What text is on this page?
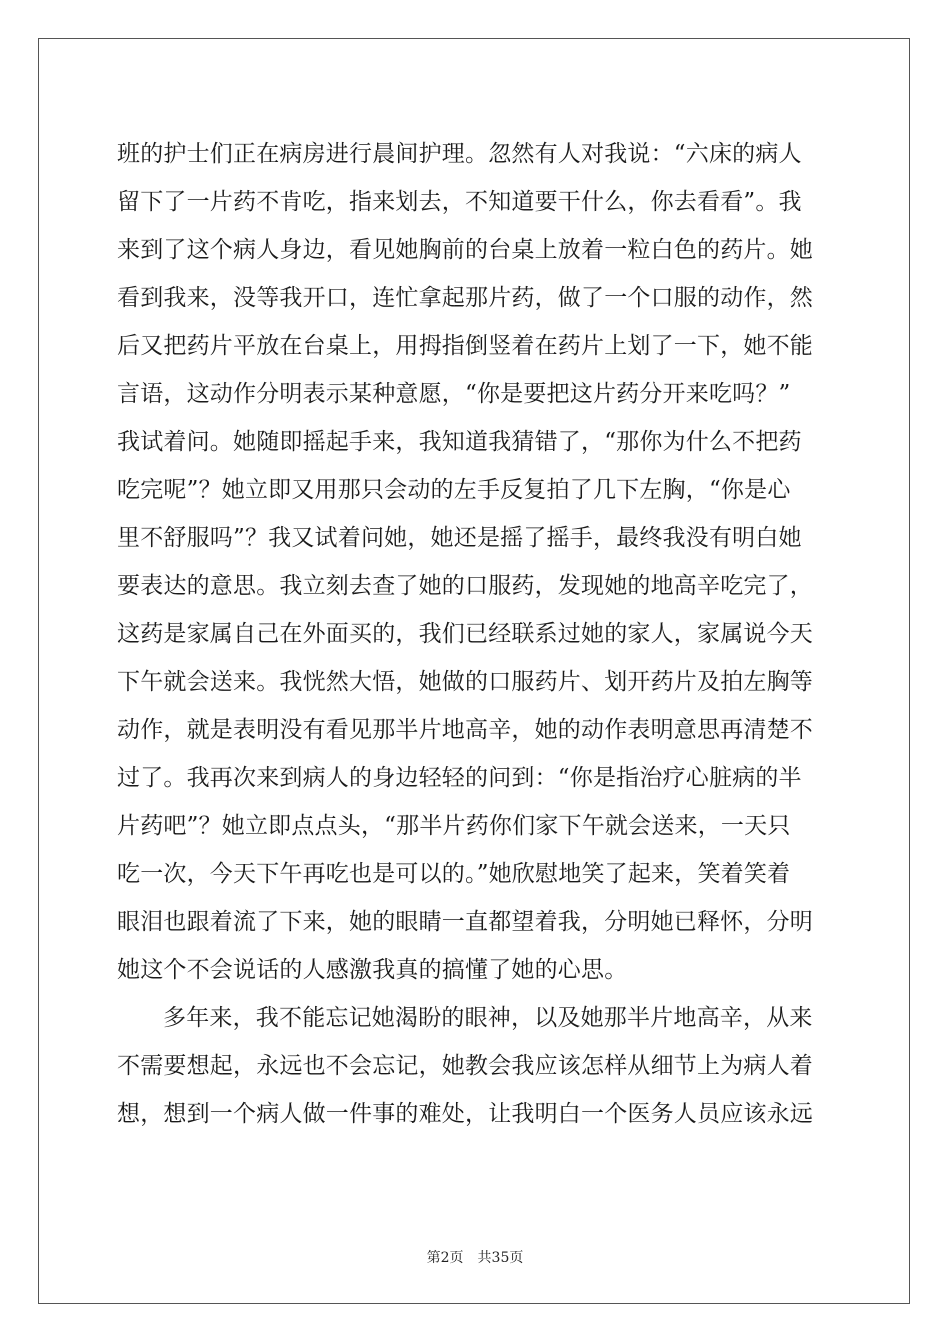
班的护士们正在病房进行晨间护理。忽然有人对我说：“六床的病人
留下了一片药不肯吃，指来划去，不知道要干什么，你去看看”。我
来到了这个病人身边，看见她胸前的台桌上放着一粒白色的药片。她
看到我来，没等我开口，连忙拿起那片药，做了一个口服的动作，然
后又把药片平放在台桌上，用拇指倒竖着在药片上划了一下，她不能
言语，这动作分明表示某种意愿，“你是要把这片药分开来吃吗？”
我试着问。她随即摇起手来，我知道我猜错了，“那你为什么不把药
吃完呢”？她立即又用那只会动的左手反复拍了几下左胸，“你是心
里不舒服吗”？我又试着问她，她还是摇了摇手，最终我没有明白她
要表达的意思。我立刻去查了她的口服药，发现她的地高辛吃完了，
这药是家属自己在外面买的，我们已经联系过她的家人，家属说今天
下午就会送来。我恍然大悟，她做的口服药片、划开药片及拍左胸等
动作，就是表明没有看见那半片地高辛，她的动作表明意思再清楚不
过了。我再次来到病人的身边轻轻的问到：“你是指治疗心脏病的半
片药吧”？她立即点点头，“那半片药你们家下午就会送来，一天只
吃一次，今天下午再吃也是可以的。”她欣慰地笑了起来，笑着笑着
眼泪也跟着流了下来，她的眼睛一直都望着我，分明她已释怀，分明
她这个不会说话的人感激我真的搞懂了她的心思。
多年来，我不能忘记她渴盼的眼神，以及她那半片地高辛，从来
不需要想起，永远也不会忘记，她教会我应该怎样从细节上为病人着
想，想到一个病人做一件事的难处，让我明白一个医务人员应该永远
第2页 共35页
